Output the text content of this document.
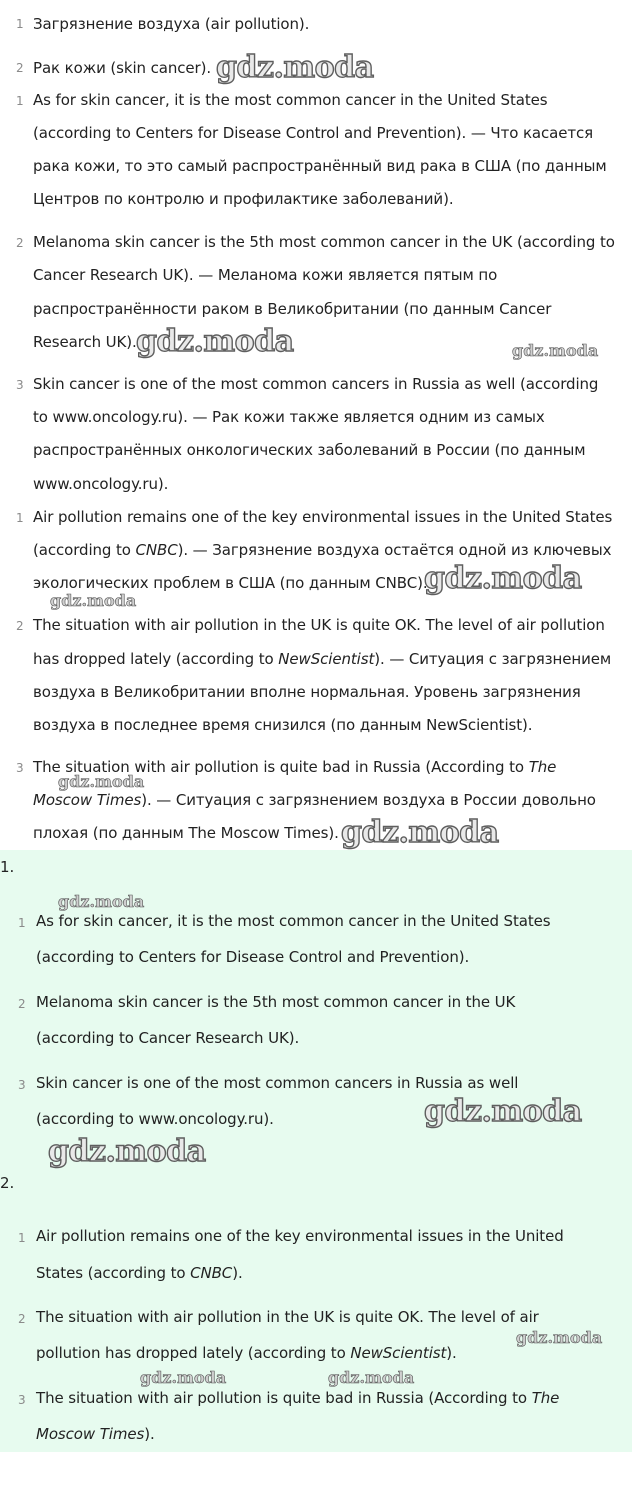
1 Загрязнение воздуха (air pollution).
2 Рак кожи (skin cancer). gdz.moda
1 As for skin cancer, it is the most common cancer in the United States
(according to Centers for Disease Control and Prevention). — Что касается
рака кожи, то это самый распространённый вид рака в США (по данным
Центров по контролю и профилактике заболеваний).
2 Melanoma skin cancer is the 5th most common cancer in the UK (according to
Cancer Research UK). — Меланома кожи является пятым по
распространённости раком в Великобритании (по данным Cancer
Research UK). gdz.moda	gdz.moda
3 Skin cancer is one of the most common cancers in Russia as well (according
to www.oncology.ru). — Рак кожи также является одним из самых
распространённых онкологических заболеваний в России (по данным
www.oncology.ru).
1 Air pollution remains one of the key environmental issues in the United States
(according to CNBC). — Загрязнение воздуха остаётся одной из ключевых
экологических проблем в США (по данным CNBC).
gdz.moda
gdz.moda
2 The situation with air pollution in the UK is quite OK. The level of air pollution
has dropped lately (according to NewScientist). — Ситуация с загрязнением
воздуха в Великобритании вполне нормальная. Уровень загрязнения
воздуха в последнее время снизился (по данным NewScientist).
3 The situation with air pollution is quite bad in Russia (According to The
Moscow Times). — Ситуация с загрязнением воздуха в России довольно
плохая (по данным The Moscow Times).
gdz.moda
gdz.moda
1.
gdz.moda
1 As for skin cancer, it is the most common cancer in the United States
(according to Centers for Disease Control and Prevention).
2 Melanoma skin cancer is the 5th most common cancer in the UK
(according to Cancer Research UK).
3 Skin cancer is one of the most common cancers in Russia as well
(according to www.oncology.ru).	gdz.moda
gdz.moda
2.
1 Air pollution remains one of the key environmental issues in the United
States (according to CNBC).
2 The situation with air pollution in the UK is quite OK. The level of air
pollution has dropped lately (according to NewScientist).
gdz.moda
gdz.moda	gdz.moda
3 The situation with air pollution is quite bad in Russia (According to The
Moscow Times).
